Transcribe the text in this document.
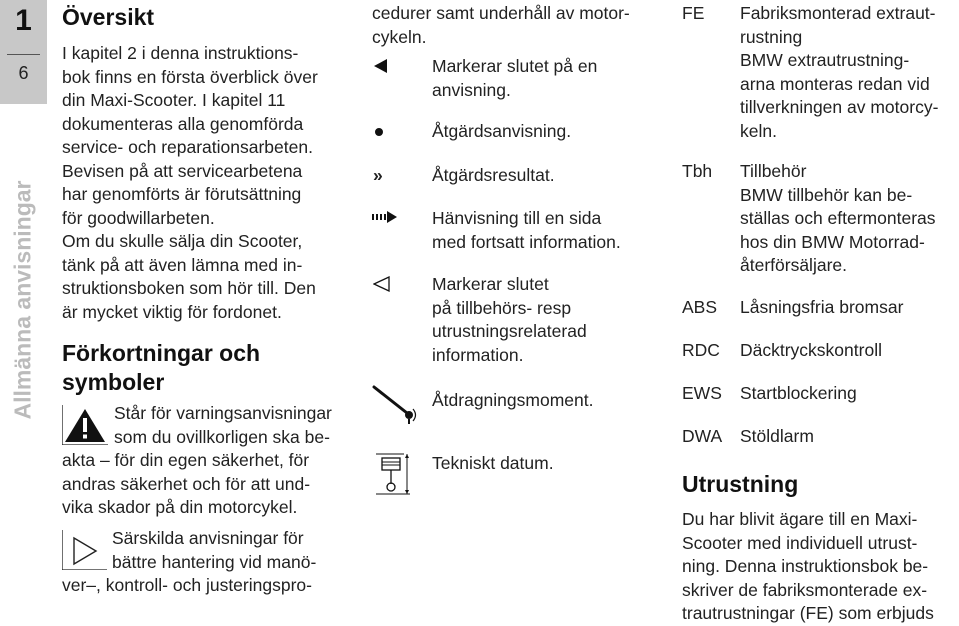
1
6
Allmänna anvisningar
Översikt
I kapitel 2 i denna instruktions-
bok finns en första överblick över
din Maxi-Scooter. I kapitel 11
dokumenteras alla genomförda
service- och reparationsarbeten.
Bevisen på att servicearbetena
har genomförts är förutsättning
för goodwillarbeten.
Om du skulle sälja din Scooter,
tänk på att även lämna med in-
struktionsboken som hör till. Den
är mycket viktig för fordonet.
Förkortningar och
symboler
Står för varningsanvisningar
som du ovillkorligen ska be-
akta – för din egen säkerhet, för
andras säkerhet och för att und-
vika skador på din motorcykel.
Särskilda anvisningar för
bättre hantering vid manö-
ver–, kontroll- och justeringspro-
cedurer samt underhåll av motor-
cykeln.
Markerar slutet på en
anvisning.
Åtgärdsanvisning.
»	Åtgärdsresultat.
Hänvisning till en sida
med fortsatt information.
Markerar slutet
på tillbehörs- resp
utrustningsrelaterad
information.
Åtdragningsmoment.
Tekniskt datum.
FE Fabriksmonterad extraut-
rustning
BMW extrautrustning-
arna monteras redan vid
tillverkningen av motorcy-
keln.
Tbh Tillbehör
BMW tillbehör kan be-
ställas och eftermonteras
hos din BMW Motorrad-
återförsäljare.
ABS Låsningsfria bromsar
RDC Däcktryckskontroll
EWS Startblockering
DWA Stöldlarm
Utrustning
Du har blivit ägare till en Maxi-
Scooter med individuell utrust-
ning. Denna instruktionsbok be-
skriver de fabriksmonterade ex-
trautrustningar (FE) som erbjuds
